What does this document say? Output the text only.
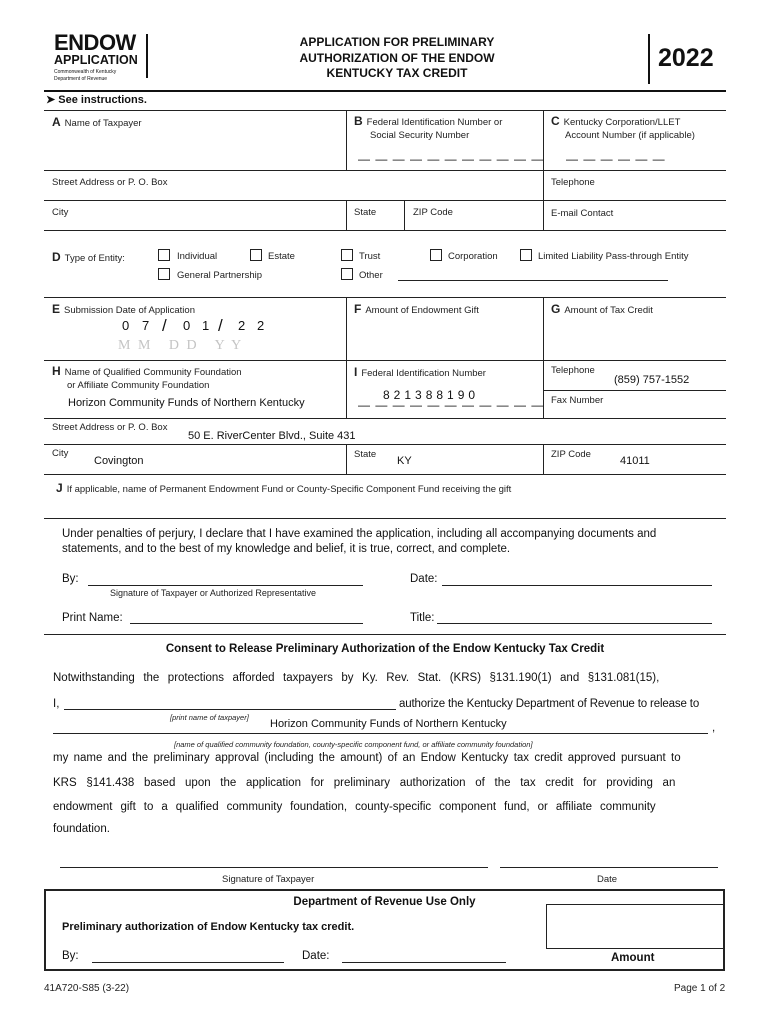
ENDOW
APPLICATION
Commonwealth of Kentucky
Department of Revenue
APPLICATION FOR PRELIMINARY
AUTHORIZATION OF THE ENDOW
KENTUCKY TAX CREDIT
2022
➤ See instructions.
A Name of Taxpayer	B Federal Identification Number or
Social Security Number
— — — — — — — — — — —
C Kentucky Corporation/LLET
Account Number (if applicable)
— — — — — —
Street Address or P. O. Box	Telephone
City	State	ZIP Code	E-mail Contact
D Type of Entity:	Individual	Estate	Trust	Corporation	Limited Liability Pass-through Entity
General Partnership	Other
E Submission Date of Application
0 7 / 0 1 / 2 2
M M   D D   Y Y
F Amount of Endowment Gift	G Amount of Tax Credit
H Name of Qualified Community Foundation
or Affiliate Community Foundation
Horizon Community Funds of Northern Kentucky
I Federal Identification Number
821388190
— — — — — — — — — — —
Telephone
(859) 757-1552
Fax Number
Street Address or P. O. Box
50 E. RiverCenter Blvd., Suite 431
City
Covington
State
KY
ZIP Code
41011
J If applicable, name of Permanent Endowment Fund or County-Specific Component Fund receiving the gift
Under penalties of perjury, I declare that I have examined the application, including all accompanying documents and
statements, and to the best of my knowledge and belief, it is true, correct, and complete.
By:	Date:
Signature of Taxpayer or Authorized Representative
Print Name:	Title:
Consent to Release Preliminary Authorization of the Endow Kentucky Tax Credit
Notwithstanding the protections afforded taxpayers by Ky. Rev. Stat. (KRS) §131.190(1) and §131.081(15),
I,	authorize the Kentucky Department of Revenue to release to
[print name of taxpayer]
Horizon Community Funds of Northern Kentucky	,
[name of qualified community foundation, county-specific component fund, or affiliate community foundation]
my name and the preliminary approval (including the amount) of an Endow Kentucky tax credit approved pursuant to
KRS §141.438 based upon the application for preliminary authorization of the tax credit for providing an
endowment gift to a qualified community foundation, county-specific component fund, or affiliate community
foundation.
Signature of Taxpayer	Date
Department of Revenue Use Only
Preliminary authorization of Endow Kentucky tax credit.
By:	Date:	Amount
41A720-S85 (3-22)	Page 1 of 2
